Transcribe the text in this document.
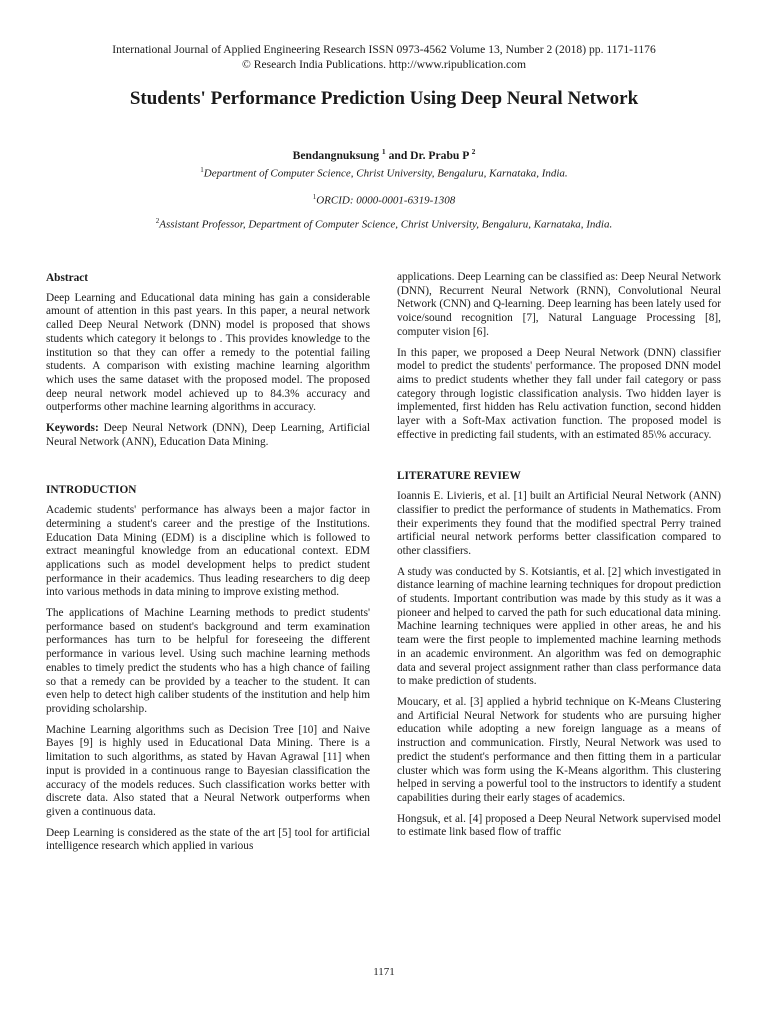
International Journal of Applied Engineering Research ISSN 0973-4562 Volume 13, Number 2 (2018) pp. 1171-1176
© Research India Publications. http://www.ripublication.com
Students' Performance Prediction Using Deep Neural Network
Bendangnuksung $^1$ and Dr. Prabu P $^2$
$^1$Department of Computer Science, Christ University, Bengaluru, Karnataka, India.
$^1$ORCID: 0000-0001-6319-1308
$^2$Assistant Professor, Department of Computer Science, Christ University, Bengaluru, Karnataka, India.
Abstract

Deep Learning and Educational data mining has gain a considerable amount of attention in this past years. In this paper, a neural network called Deep Neural Network (DNN) model is proposed that shows students which category it belongs to . This provides knowledge to the institution so that they can offer a remedy to the potential failing students. A comparison with existing machine learning algorithm which uses the same dataset with the proposed model. The proposed deep neural network model achieved up to 84.3% accuracy and outperforms other machine learning algorithms in accuracy.

Keywords: Deep Neural Network (DNN), Deep Learning, Artificial Neural Network (ANN), Education Data Mining.

INTRODUCTION

Academic students' performance has always been a major factor in determining a student's career and the prestige of the Institutions. Education Data Mining (EDM) is a discipline which is followed to extract meaningful knowledge from an educational context. EDM applications such as model development helps to predict student performance in their academics. Thus leading researchers to dig deep into various methods in data mining to improve existing method.

The applications of Machine Learning methods to predict students' performance based on student's background and term examination performances has turn to be helpful for foreseeing the different performance in various level. Using such machine learning methods enables to timely predict the students who has a high chance of failing so that a remedy can be provided by a teacher to the student. It can even help to detect high caliber students of the institution and help him providing scholarship.

Machine Learning algorithms such as Decision Tree [10] and Naive Bayes [9] is highly used in Educational Data Mining. There is a limitation to such algorithms, as stated by Havan Agrawal [11] when input is provided in a continuous range to Bayesian classification the accuracy of the models reduces. Such classification works better with discrete data. Also stated that a Neural Network outperforms when given a continuous data.

Deep Learning is considered as the state of the art [5] tool for artificial intelligence research which applied in various

applications. Deep Learning can be classified as: Deep Neural Network (DNN), Recurrent Neural Network (RNN), Convolutional Neural Network (CNN) and Q-learning. Deep learning has been lately used for voice/sound recognition [7], Natural Language Processing [8], computer vision [6].

In this paper, we proposed a Deep Neural Network (DNN) classifier model to predict the students' performance. The proposed DNN model aims to predict students whether they fall under fail category or pass category through logistic classification analysis. Two hidden layer is implemented, first hidden has Relu activation function, second hidden layer with a Soft-Max activation function. The proposed model is effective in predicting fail students, with an estimated 85\% accuracy.

LITERATURE REVIEW

Ioannis E. Livieris, et al. [1] built an Artificial Neural Network (ANN) classifier to predict the performance of students in Mathematics. From their experiments they found that the modified spectral Perry trained artificial neural network performs better classification compared to other classifiers.

A study was conducted by S. Kotsiantis, et al. [2] which investigated in distance learning of machine learning techniques for dropout prediction of students. Important contribution was made by this study as it was a pioneer and helped to carved the path for such educational data mining. Machine learning techniques were applied in other areas, he and his team were the first people to implemented machine learning methods in an academic environment. An algorithm was fed on demographic data and several project assignment rather than class performance data to make prediction of students.

Moucary, et al. [3] applied a hybrid technique on K-Means Clustering and Artificial Neural Network for students who are pursuing higher education while adopting a new foreign language as a means of instruction and communication. Firstly, Neural Network was used to predict the student's performance and then fitting them in a particular cluster which was form using the K-Means algorithm. This clustering helped in serving a powerful tool to the instructors to identify a student capabilities during their early stages of academics.

Hongsuk, et al. [4] proposed a Deep Neural Network supervised model to estimate link based flow of traffic

1171
